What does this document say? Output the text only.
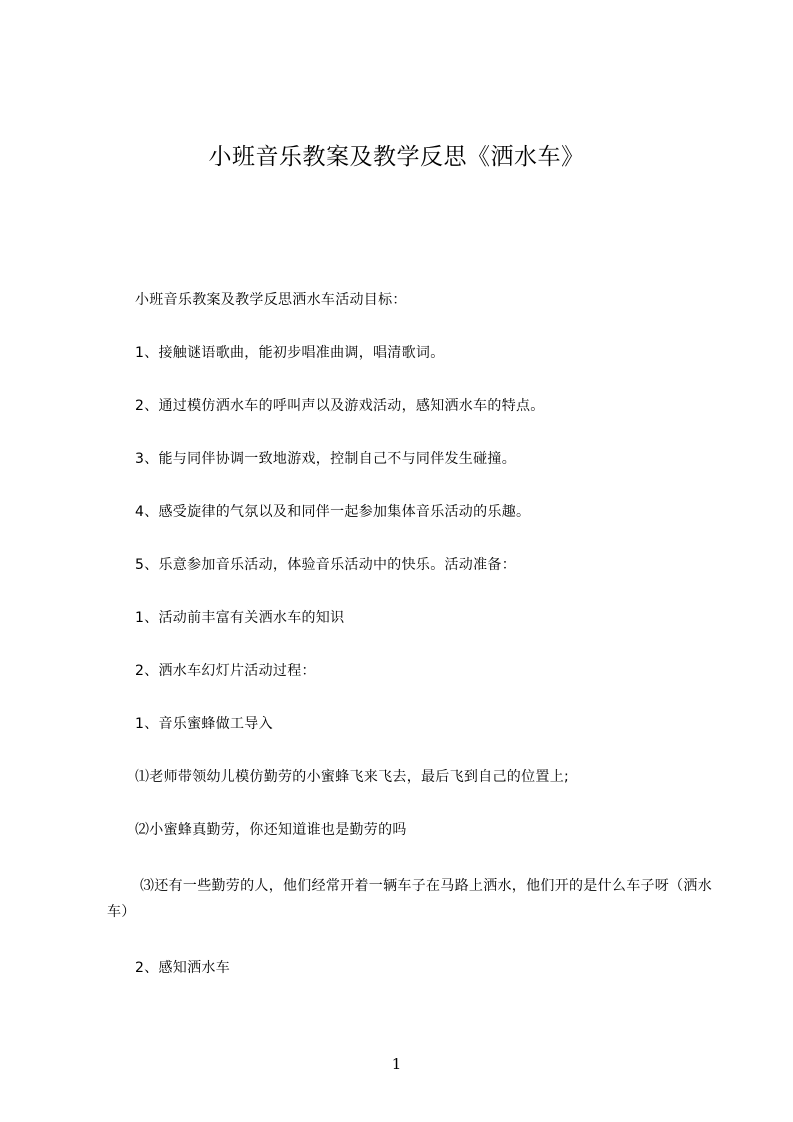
小班音乐教案及教学反思《洒水车》
小班音乐教案及教学反思洒水车活动目标：
1、接触谜语歌曲，能初步唱准曲调，唱清歌词。
2、通过模仿洒水车的呼叫声以及游戏活动，感知洒水车的特点。
3、能与同伴协调一致地游戏，控制自己不与同伴发生碰撞。
4、感受旋律的气氛以及和同伴一起参加集体音乐活动的乐趣。
5、乐意参加音乐活动，体验音乐活动中的快乐。活动准备：
1、活动前丰富有关洒水车的知识
2、洒水车幻灯片活动过程：
1、音乐蜜蜂做工导入
⑴老师带领幼儿模仿勤劳的小蜜蜂飞来飞去，最后飞到自己的位置上;
⑵小蜜蜂真勤劳，你还知道谁也是勤劳的吗
⑶还有一些勤劳的人，他们经常开着一辆车子在马路上洒水，他们开的是什么车子呀（洒水车）
2、感知洒水车
1
